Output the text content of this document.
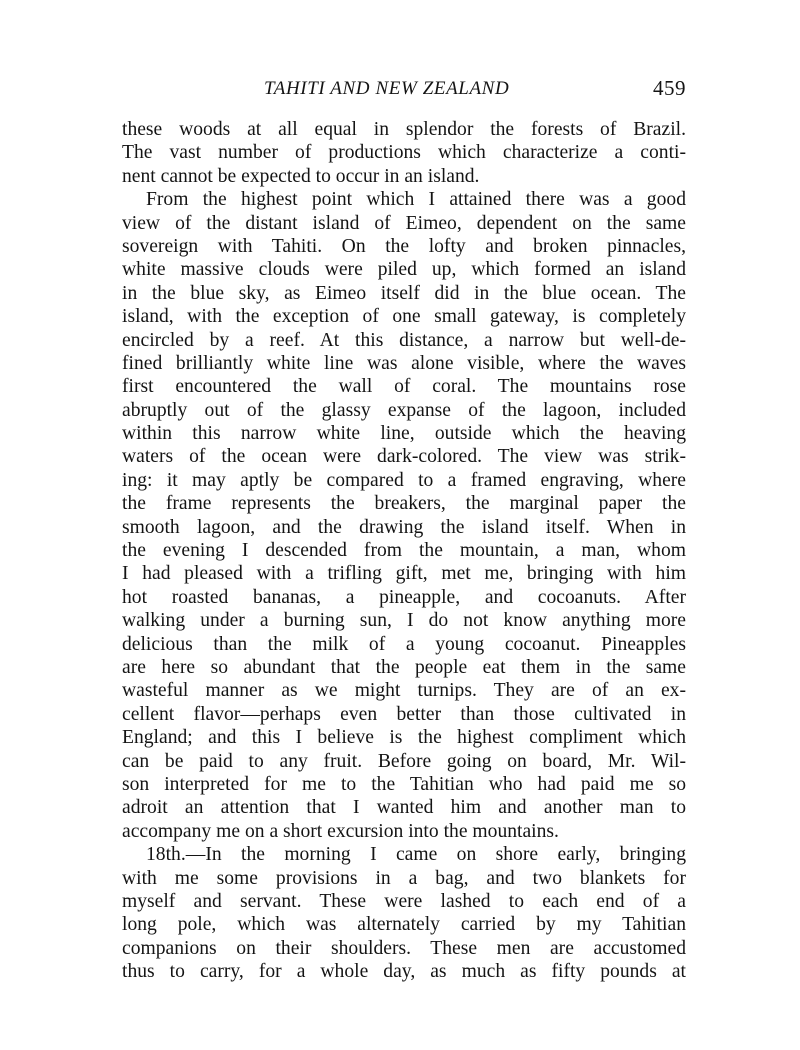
TAHITI AND NEW ZEALAND	459
these woods at all equal in splendor the forests of Brazil.
The vast number of productions which characterize a conti-
nent cannot be expected to occur in an island.
From the highest point which I attained there was a good
view of the distant island of Eimeo, dependent on the same
sovereign with Tahiti. On the lofty and broken pinnacles,
white massive clouds were piled up, which formed an island
in the blue sky, as Eimeo itself did in the blue ocean. The
island, with the exception of one small gateway, is completely
encircled by a reef. At this distance, a narrow but well-de-
fined brilliantly white line was alone visible, where the waves
first encountered the wall of coral. The mountains rose
abruptly out of the glassy expanse of the lagoon, included
within this narrow white line, outside which the heaving
waters of the ocean were dark-colored. The view was strik-
ing: it may aptly be compared to a framed engraving, where
the frame represents the breakers, the marginal paper the
smooth lagoon, and the drawing the island itself. When in
the evening I descended from the mountain, a man, whom
I had pleased with a trifling gift, met me, bringing with him
hot roasted bananas, a pineapple, and cocoanuts. After
walking under a burning sun, I do not know anything more
delicious than the milk of a young cocoanut. Pineapples
are here so abundant that the people eat them in the same
wasteful manner as we might turnips. They are of an ex-
cellent flavor—perhaps even better than those cultivated in
England; and this I believe is the highest compliment which
can be paid to any fruit. Before going on board, Mr. Wil-
son interpreted for me to the Tahitian who had paid me so
adroit an attention that I wanted him and another man to
accompany me on a short excursion into the mountains.
18th.—In the morning I came on shore early, bringing
with me some provisions in a bag, and two blankets for
myself and servant. These were lashed to each end of a
long pole, which was alternately carried by my Tahitian
companions on their shoulders. These men are accustomed
thus to carry, for a whole day, as much as fifty pounds at
